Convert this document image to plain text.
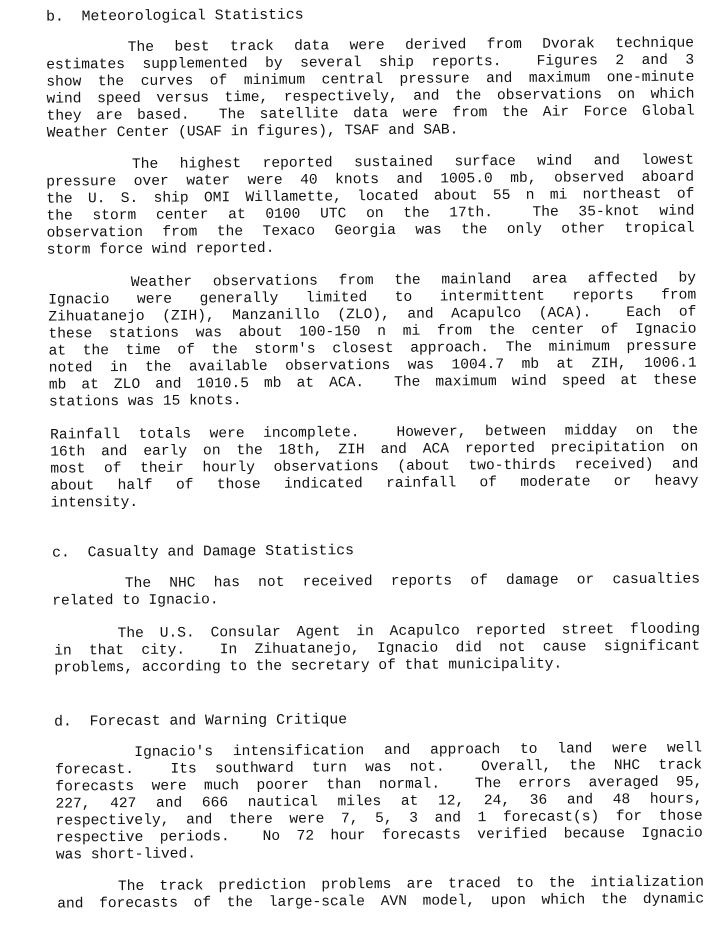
b.  Meteorological Statistics
The best track data were derived from Dvorak technique
estimates supplemented by several ship reports.  Figures 2 and 3
show the curves of minimum central pressure and maximum one-minute
wind speed versus time, respectively, and the observations on which
they are based.  The satellite data were from the Air Force Global
Weather Center (USAF in figures), TSAF and SAB.
The highest reported sustained surface wind and lowest
pressure over water were 40 knots and 1005.0 mb, observed aboard
the U. S. ship OMI Willamette, located about 55 n mi northeast of
the storm center at 0100 UTC on the 17th.  The 35-knot wind
observation from the Texaco Georgia was the only other tropical
storm force wind reported.
Weather observations from the mainland area affected by
Ignacio were generally limited to intermittent reports from
Zihuatanejo (ZIH), Manzanillo (ZLO), and Acapulco (ACA).  Each of
these stations was about 100-150 n mi from the center of Ignacio
at the time of the storm's closest approach. The minimum pressure
noted in the available observations was 1004.7 mb at ZIH, 1006.1
mb at ZLO and 1010.5 mb at ACA.  The maximum wind speed at these
stations was 15 knots.
Rainfall totals were incomplete.  However, between midday on the
16th and early on the 18th, ZIH and ACA reported precipitation on
most of their hourly observations (about two-thirds received) and
about half of those indicated rainfall of moderate or heavy
intensity.
c.  Casualty and Damage Statistics
The NHC has not received reports of damage or casualties
related to Ignacio.
The U.S. Consular Agent in Acapulco reported street flooding
in that city.  In Zihuatanejo, Ignacio did not cause significant
problems, according to the secretary of that municipality.
d.  Forecast and Warning Critique
Ignacio's intensification and approach to land were well
forecast.  Its southward turn was not.  Overall, the NHC track
forecasts were much poorer than normal.  The errors averaged 95,
227, 427 and 666 nautical miles at 12, 24, 36 and 48 hours,
respectively, and there were 7, 5, 3 and 1 forecast(s) for those
respective periods.  No 72 hour forecasts verified because Ignacio
was short-lived.
The track prediction problems are traced to the intialization
and forecasts of the large-scale AVN model, upon which the dynamic
